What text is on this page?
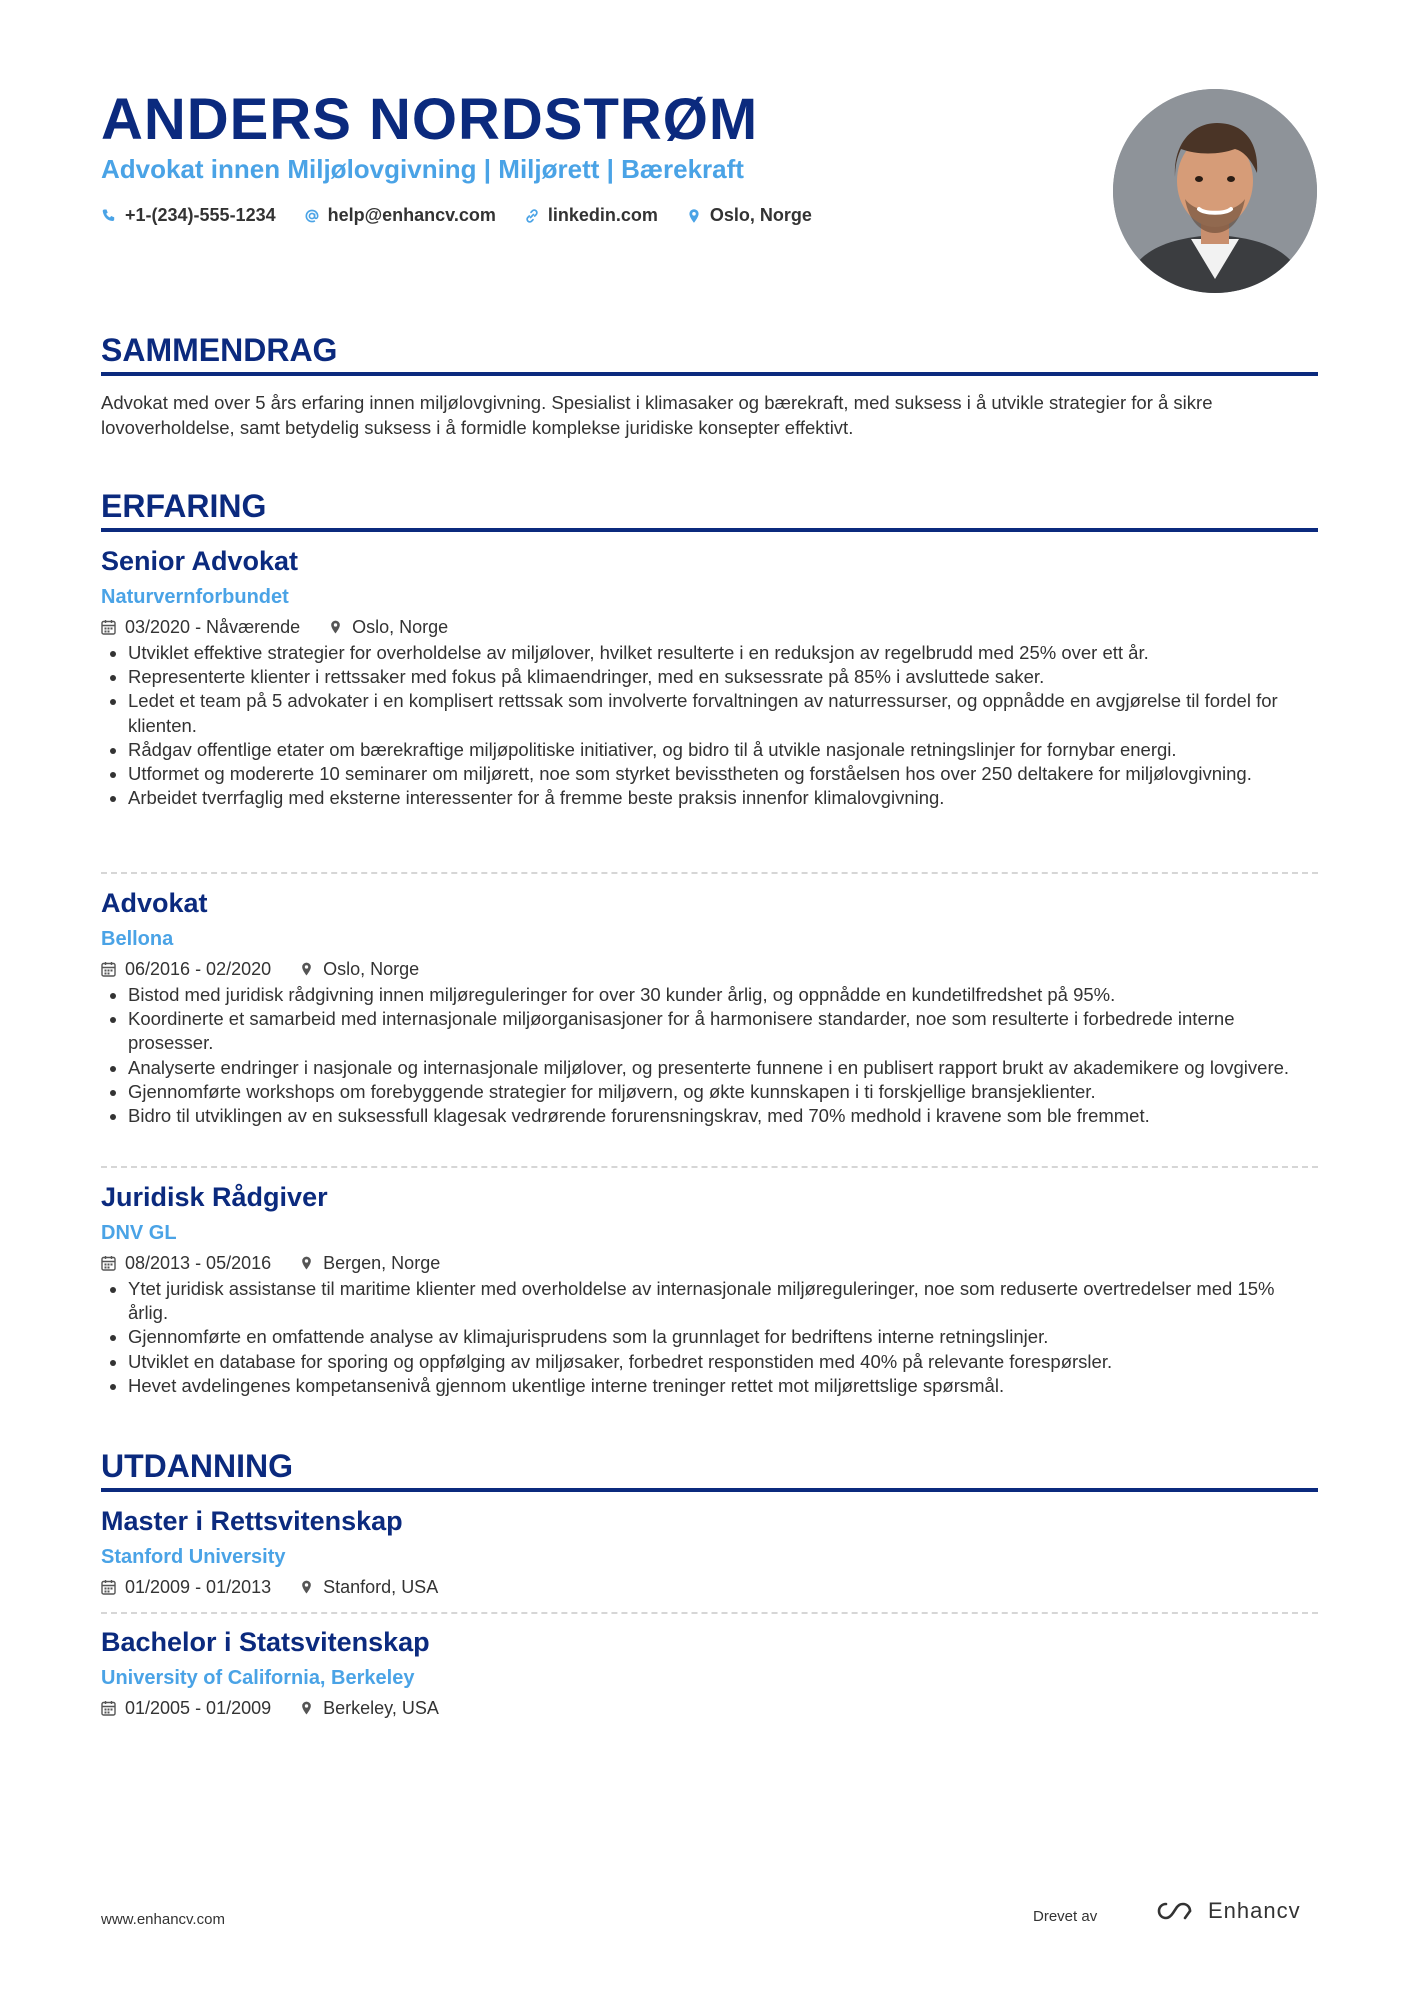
ANDERS NORDSTRØM
Advokat innen Miljølovgivning | Miljørett | Bærekraft
+1-(234)-555-1234	help@enhancv.com	linkedin.com	Oslo, Norge
SAMMENDRAG

Advokat med over 5 års erfaring innen miljølovgivning. Spesialist i klimasaker og bærekraft, med suksess i å utvikle strategier for å sikre lovoverholdelse, samt betydelig suksess i å formidle komplekse juridiske konsepter effektivt.

ERFARING
Senior Advokat
Naturvernforbundet
03/2020 - Nåværende	Oslo, Norge
• Utviklet effektive strategier for overholdelse av miljølover, hvilket resulterte i en reduksjon av regelbrudd med 25% over ett år.
• Representerte klienter i rettssaker med fokus på klimaendringer, med en suksessrate på 85% i avsluttede saker.
• Ledet et team på 5 advokater i en komplisert rettssak som involverte forvaltningen av naturressurser, og oppnådde en avgjørelse til fordel for klienten.
• Rådgav offentlige etater om bærekraftige miljøpolitiske initiativer, og bidro til å utvikle nasjonale retningslinjer for fornybar energi.
• Utformet og modererte 10 seminarer om miljørett, noe som styrket bevisstheten og forståelsen hos over 250 deltakere for miljølovgivning.
• Arbeidet tverrfaglig med eksterne interessenter for å fremme beste praksis innenfor klimalovgivning.
Advokat
Bellona
06/2016 - 02/2020	Oslo, Norge
• Bistod med juridisk rådgivning innen miljøreguleringer for over 30 kunder årlig, og oppnådde en kundetilfredshet på 95%.
• Koordinerte et samarbeid med internasjonale miljøorganisasjoner for å harmonisere standarder, noe som resulterte i forbedrede interne prosesser.
• Analyserte endringer i nasjonale og internasjonale miljølover, og presenterte funnene i en publisert rapport brukt av akademikere og lovgivere.
• Gjennomførte workshops om forebyggende strategier for miljøvern, og økte kunnskapen i ti forskjellige bransjeklienter.
• Bidro til utviklingen av en suksessfull klagesak vedrørende forurensningskrav, med 70% medhold i kravene som ble fremmet.
Juridisk Rådgiver
DNV GL
08/2013 - 05/2016	Bergen, Norge
• Ytet juridisk assistanse til maritime klienter med overholdelse av internasjonale miljøreguleringer, noe som reduserte overtredelser med 15% årlig.
• Gjennomførte en omfattende analyse av klimajurisprudens som la grunnlaget for bedriftens interne retningslinjer.
• Utviklet en database for sporing og oppfølging av miljøsaker, forbedret responstiden med 40% på relevante forespørsler.
• Hevet avdelingenes kompetansenivå gjennom ukentlige interne treninger rettet mot miljørettslige spørsmål.
UTDANNING
Master i Rettsvitenskap
Stanford University
01/2009 - 01/2013	Stanford, USA
Bachelor i Statsvitenskap
University of California, Berkeley
01/2005 - 01/2009	Berkeley, USA
www.enhancv.com	Drevet av	Enhancv
